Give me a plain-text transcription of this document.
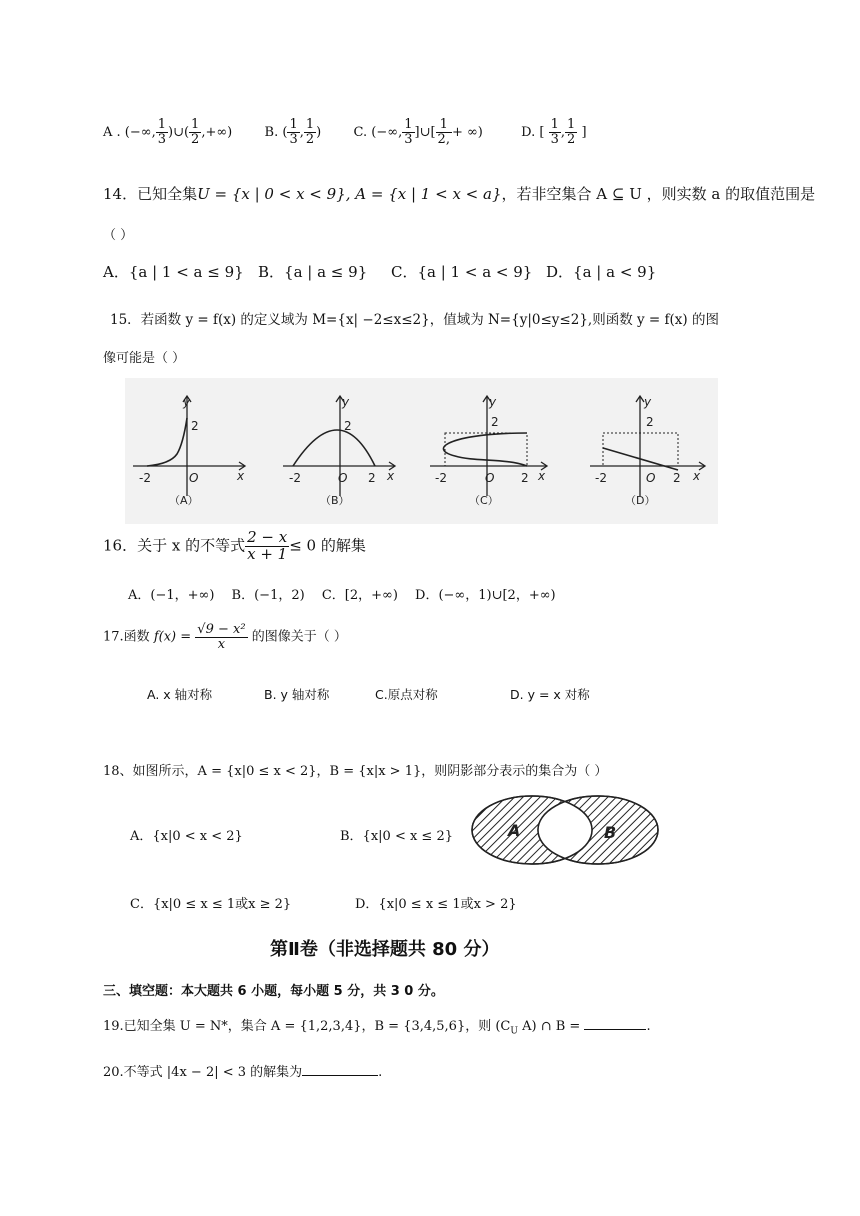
A . (−∞, $\frac{1}{3}$ )∪( $\frac{1}{2}$ ,+∞) B. ( $\frac{1}{3}$ , $\frac{1}{2}$ )  C. (−∞, $\frac{1}{3}$ ]∪[ $\frac{1}{2,}$ + ∞)	D. [ $\frac{1}{3}$ , $\frac{1}{2}$ ]
14．已知全集U = {x | 0 < x < 9}, A = {x | 1 < x < a}，若非空集合 A ⊆ U ，则实数 a 的取值范围是
（ ）
A．{a | 1 < a ≤ 9} B．{a | a ≤ 9} C．{a | 1 < a < 9} D．{a | a < 9}
15．若函数 y = f(x) 的定义域为 M={x| −2≤x≤2}，值域为 N={y|0≤y≤2},则函数 y = f(x) 的图
像可能是（ ）
y
2
-2	O	x
（A）
y
2
-2	O 2 x
（B）
y
2
-2	O 2 x
（C）
y
2
-2	O 2 x
（D）
16．关于 x 的不等式 $\frac{2 - x}{x + 1} \le 0$ 的解集
A．(−1，+∞)　 B．(−1，2)　 C．[2，+∞)　 D．(−∞，1)∪[2，+∞)
17.函数 $f(x) = \frac{\text{√9 − x²}}{x}$ 的图像关于（ ）
A. x 轴对称	B. y 轴对称	C.原点对称	D. y = x 对称
18、如图所示，A = {x|0 ≤ x < 2}，B = {x|x > 1}，则阴影部分表示的集合为（ ）
A．{x|0 < x < 2}	B．{x|0 < x ≤ 2}
C．{x|0 ≤ x ≤ 1或x ≥ 2}	D．{x|0 ≤ x ≤ 1或x > 2}
A	B
第Ⅱ卷（非选择题共 80 分）
三、填空题：本大题共 6 小题，每小题 5 分，共 3 0 分。
19.已知全集 U = N*，集合 A = {1,2,3,4}，B = {3,4,5,6}，则 ($C_U$ A) ∩ B =	.
20.不等式 |4x − 2| < 3 的解集为	.
